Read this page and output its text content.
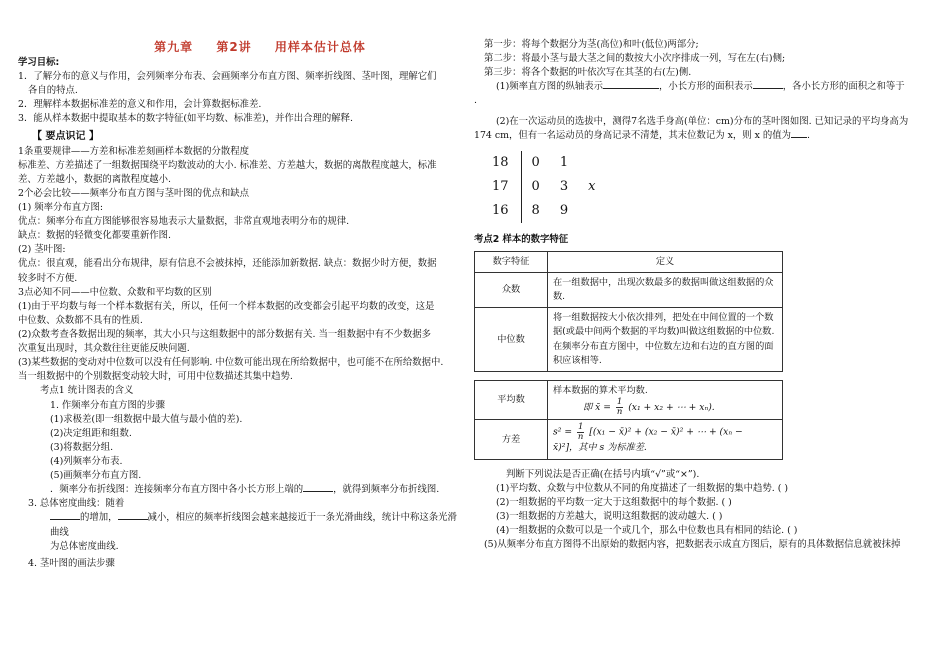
第九章 第2讲 用样本估计总体

学习目标:

1．了解分布的意义与作用，会列频率分布表、会画频率分布直方图、频率折线图、茎叶图，理解它们

各自的特点.

2．理解样本数据标准差的意义和作用，会计算数据标准差.

3．能从样本数据中提取基本的数字特征(如平均数、标准差)，并作出合理的解释.

【 要点识记 】

1条重要规律——方差和标准差刻画样本数据的分散程度

标准差、方差描述了一组数据围绕平均数波动的大小. 标准差、方差越大，数据的离散程度越大，标准

差、方差越小，数据的离散程度越小.

2个必会比较——频率分布直方图与茎叶图的优点和缺点

(1) 频率分布直方图:

优点：频率分布直方图能够很容易地表示大量数据，非常直观地表明分布的规律.

缺点：数据的轻微变化都要重新作图.

(2) 茎叶图:

优点：很直观，能看出分布规律，原有信息不会被抹掉，还能添加新数据. 缺点：数据少时方便，数据

较多时不方便.

3点必知不同——中位数、众数和平均数的区别

(1)由于平均数与每一个样本数据有关，所以，任何一个样本数据的改变都会引起平均数的改变，这是

中位数、众数都不具有的性质.

(2)众数考查各数据出现的频率，其大小只与这组数据中的部分数据有关. 当一组数据中有不少数据多

次重复出现时，其众数往往更能反映问题.

(3)某些数据的变动对中位数可以没有任何影响. 中位数可能出现在所给数据中，也可能不在所给数据中.

当一组数据中的个别数据变动较大时，可用中位数描述其集中趋势.

考点1 统计图表的含义

1. 作频率分布直方图的步骤

(1)求极差(即一组数据中最大值与最小值的差).

(2)决定组距和组数.

(3)将数据分组.

(4)列频率分布表.

(5)画频率分布直方图.

．频率分布折线图：连接频率分布直方图中各小长方形上端的	，就得到频率分布折线图.

3. 总体密度曲线：随着

的增加，	减小，相应的频率折线图会越来越接近于一条光滑曲线，统计中称这条光滑曲线

为总体密度曲线.

4. 茎叶图的画法步骤

第一步：将每个数据分为茎(高位)和叶(低位)两部分;

第二步：将最小茎与最大茎之间的数按大小次序排成一列，写在左(右)侧;

第三步：将各个数据的叶依次写在其茎的右(左)侧.

(1)频率直方图的纵轴表示	，小长方形的面积表示	，各小长方形的面积之和等于

.

(2)在一次运动员的选拔中，测得7名选手身高(单位：cm)分布的茎叶图如图. 已知记录的平均身高为

174 cm，但有一名运动员的身高记录不清楚，其末位数记为 x，则 x 的值为 .

18	0	1	
17	0	3	x
16	8	9	

考点2 样本的数字特征

数字特征	定义
众数	在一组数据中，出现次数最多的数据叫做这组数据的众数.
中位数	将一组数据按大小依次排列，把处在中间位置的一个数据(或最中间两个数据的平均数)叫做这组数据的中位数.
在频率分布直方图中，中位数左边和右边的直方图的面积应该相等.
平均数	样本数据的算术平均数.
即 x̄ = $\frac{1}{n} (x_1 + x_2$ + ⋯ + xₙ).
方差	$s^2 = \frac{1}{n} [(x_1$ − x̄)² + (x₂ − x̄)² + ⋯ + (xₙ −
x̄)²]，其中 s 为标准差.

判断下列说法是否正确(在括号内填“√”或“×”).

(1)平均数、众数与中位数从不同的角度描述了一组数据的集中趋势. ( )

(2)一组数据的平均数一定大于这组数据中的每个数据. ( )

(3)一组数据的方差越大，说明这组数据的波动越大. ( )

(4)一组数据的众数可以是一个或几个，那么中位数也具有相同的结论. ( )

(5)从频率分布直方图得不出原始的数据内容，把数据表示成直方图后，原有的具体数据信息就被抹掉
